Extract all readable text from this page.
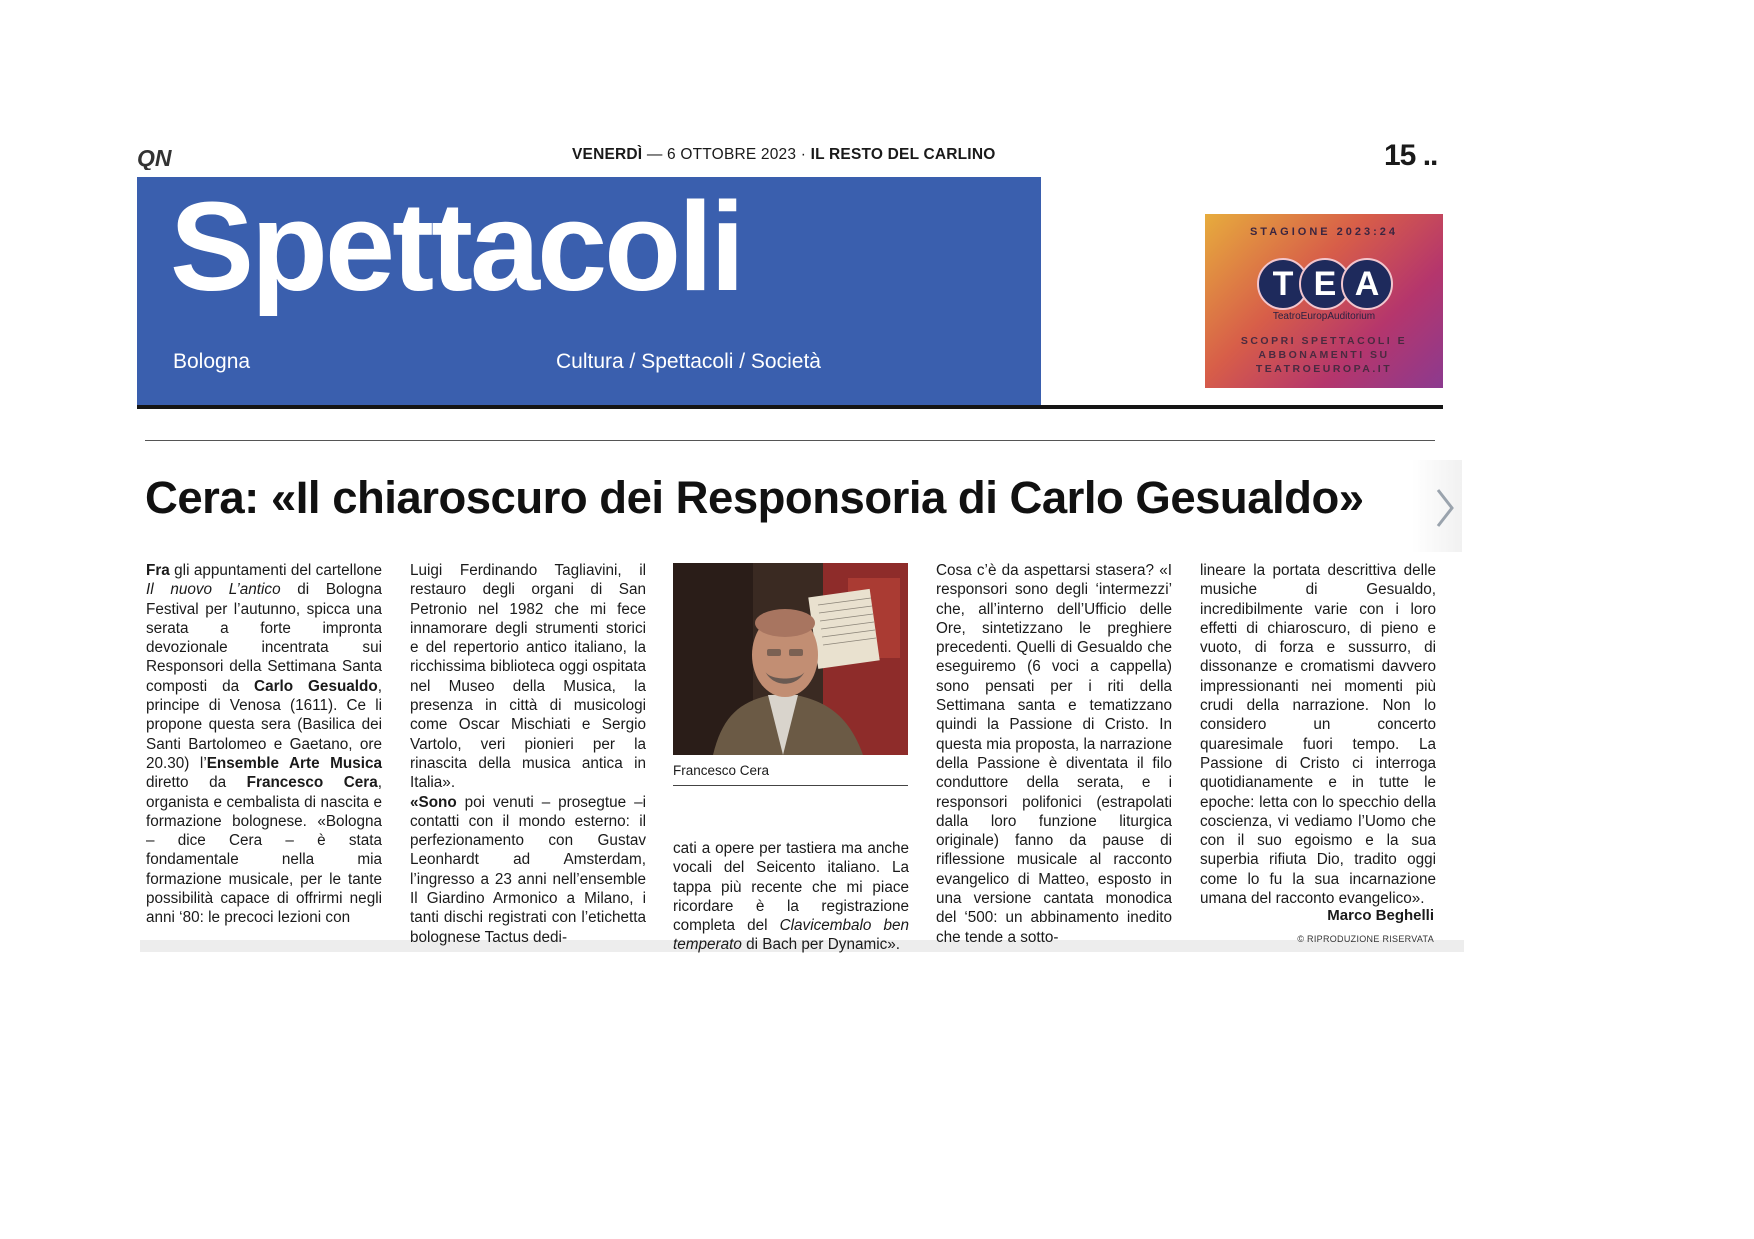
QN	VENERDÌ — 6 OTTOBRE 2023 · IL RESTO DEL CARLINO	15 ..
Spettacoli
Bologna	Cultura / Spettacoli / Società
STAGIONE 2023:24
T E A
TeatroEuropAuditorium
SCOPRI SPETTACOLI E
ABBONAMENTI SU
TEATROEUROPA.IT
Cera: «Il chiaroscuro dei Responsoria di Carlo Gesualdo»

Fra gli appuntamenti del cartellone Il nuovo L’antico di Bologna Festival per l’autunno, spicca una serata a forte impronta devozionale incentrata sui Responsori della Settimana Santa composti da Carlo Gesualdo, principe di Venosa (1611). Ce li propone questa sera (Basilica dei Santi Bartolomeo e Gaetano, ore 20.30) l’Ensemble Arte Musica diretto da Francesco Cera, organista e cembalista di nascita e formazione bolognese. «Bologna – dice Cera – è stata fondamentale nella mia formazione musicale, per le tante possibilità capace di offrirmi negli anni ‘80: le precoci lezioni con

Luigi Ferdinando Tagliavini, il restauro degli organi di San Petronio nel 1982 che mi fece innamorare degli strumenti storici e del repertorio antico italiano, la ricchissima biblioteca oggi ospitata nel Museo della Musica, la presenza in città di musicologi come Oscar Mischiati e Sergio Vartolo, veri pionieri per la rinascita della musica antica in Italia».

«Sono poi venuti – prosegtue –i contatti con il mondo esterno: il perfezionamento con Gustav Leonhardt ad Amsterdam, l’ingresso a 23 anni nell’ensemble Il Giardino Armonico a Milano, i tanti dischi registrati con l’etichetta bolognese Tactus dedi-

Francesco Cera

cati a opere per tastiera ma anche vocali del Seicento italiano. La tappa più recente che mi piace ricordare è la registrazione completa del Clavicembalo ben temperato di Bach per Dynamic».

Cosa c’è da aspettarsi stasera? «I responsori sono degli ‘intermezzi’ che, all’interno dell’Ufficio delle Ore, sintetizzano le preghiere precedenti. Quelli di Gesualdo che eseguiremo (6 voci a cappella) sono pensati per i riti della Settimana santa e tematizzano quindi la Passione di Cristo. In questa mia proposta, la narrazione della Passione è diventata il filo conduttore della serata, e i responsori polifonici (estrapolati dalla loro funzione liturgica originale) fanno da pause di riflessione musicale al racconto evangelico di Matteo, esposto in una versione cantata monodica del ‘500: un abbinamento inedito che tende a sotto-

lineare la portata descrittiva delle musiche di Gesualdo, incredibilmente varie con i loro effetti di chiaroscuro, di pieno e vuoto, di forza e sussurro, di dissonanze e cromatismi davvero impressionanti nei momenti più crudi della narrazione. Non lo considero un concerto quaresimale fuori tempo. La Passione di Cristo ci interroga quotidianamente e in tutte le epoche: letta con lo specchio della coscienza, vi vediamo l’Uomo che con il suo egoismo e la sua superbia rifiuta Dio, tradito oggi come lo fu la sua incarnazione umana del racconto evangelico».

Marco Beghelli
© RIPRODUZIONE RISERVATA
